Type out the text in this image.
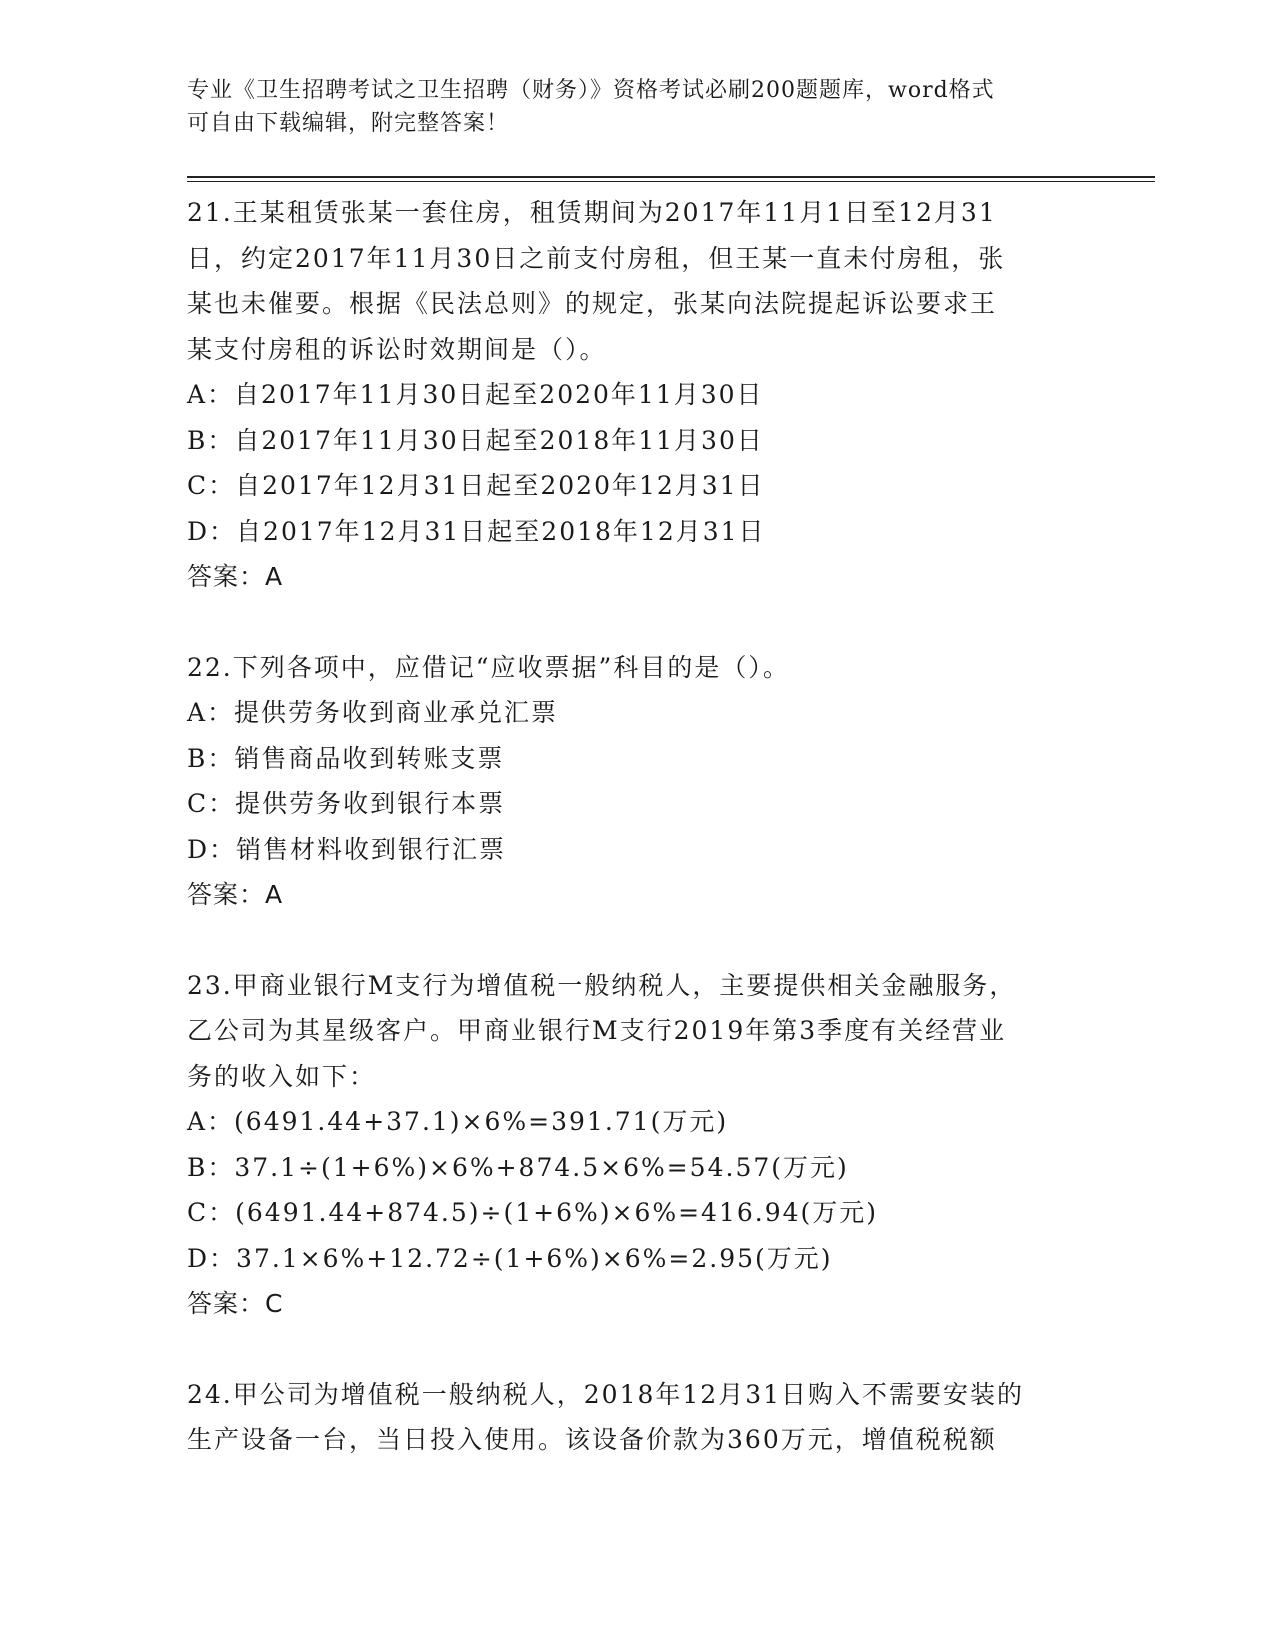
专业《卫生招聘考试之卫生招聘（财务）》资格考试必刷200题题库，word格式
可自由下载编辑，附完整答案！
21.王某租赁张某一套住房，租赁期间为2017年11月1日至12月31
日，约定2017年11月30日之前支付房租，但王某一直未付房租，张
某也未催要。根据《民法总则》的规定，张某向法院提起诉讼要求王
某支付房租的诉讼时效期间是（）。
A：自2017年11月30日起至2020年11月30日
B：自2017年11月30日起至2018年11月30日
C：自2017年12月31日起至2020年12月31日
D：自2017年12月31日起至2018年12月31日
答案：A
22.下列各项中，应借记“应收票据”科目的是（）。
A：提供劳务收到商业承兑汇票
B：销售商品收到转账支票
C：提供劳务收到银行本票
D：销售材料收到银行汇票
答案：A
23.甲商业银行M支行为增值税一般纳税人，主要提供相关金融服务，
乙公司为其星级客户。甲商业银行M支行2019年第3季度有关经营业
务的收入如下：
A：(6491.44+37.1)×6%=391.71(万元)
B：37.1÷(1+6%)×6%+874.5×6%=54.57(万元)
C：(6491.44+874.5)÷(1+6%)×6%=416.94(万元)
D：37.1×6%+12.72÷(1+6%)×6%=2.95(万元)
答案：C
24.甲公司为增值税一般纳税人，2018年12月31日购入不需要安装的
生产设备一台，当日投入使用。该设备价款为360万元，增值税税额
